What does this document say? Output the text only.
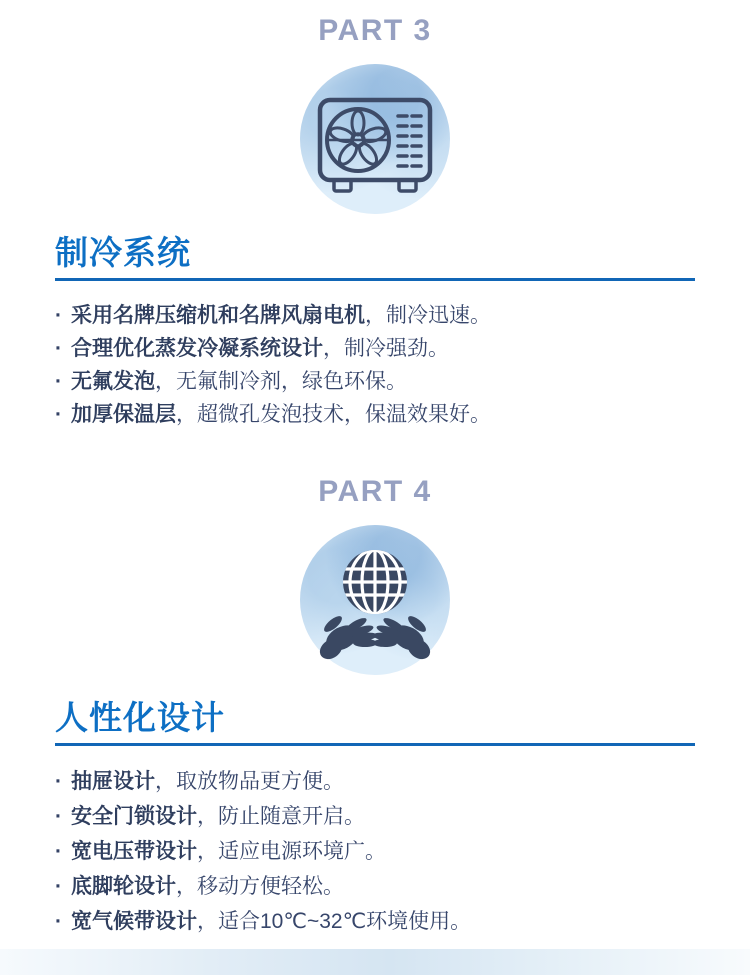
PART 3
制冷系统
· 采用名牌压缩机和名牌风扇电机，制冷迅速。
· 合理优化蒸发冷凝系统设计，制冷强劲。
· 无氟发泡，无氟制冷剂，绿色环保。
· 加厚保温层，超微孔发泡技术，保温效果好。
PART 4
人性化设计
· 抽屉设计，取放物品更方便。
· 安全门锁设计，防止随意开启。
· 宽电压带设计，适应电源环境广。
· 底脚轮设计，移动方便轻松。
· 宽气候带设计，适合10℃~32℃环境使用。
